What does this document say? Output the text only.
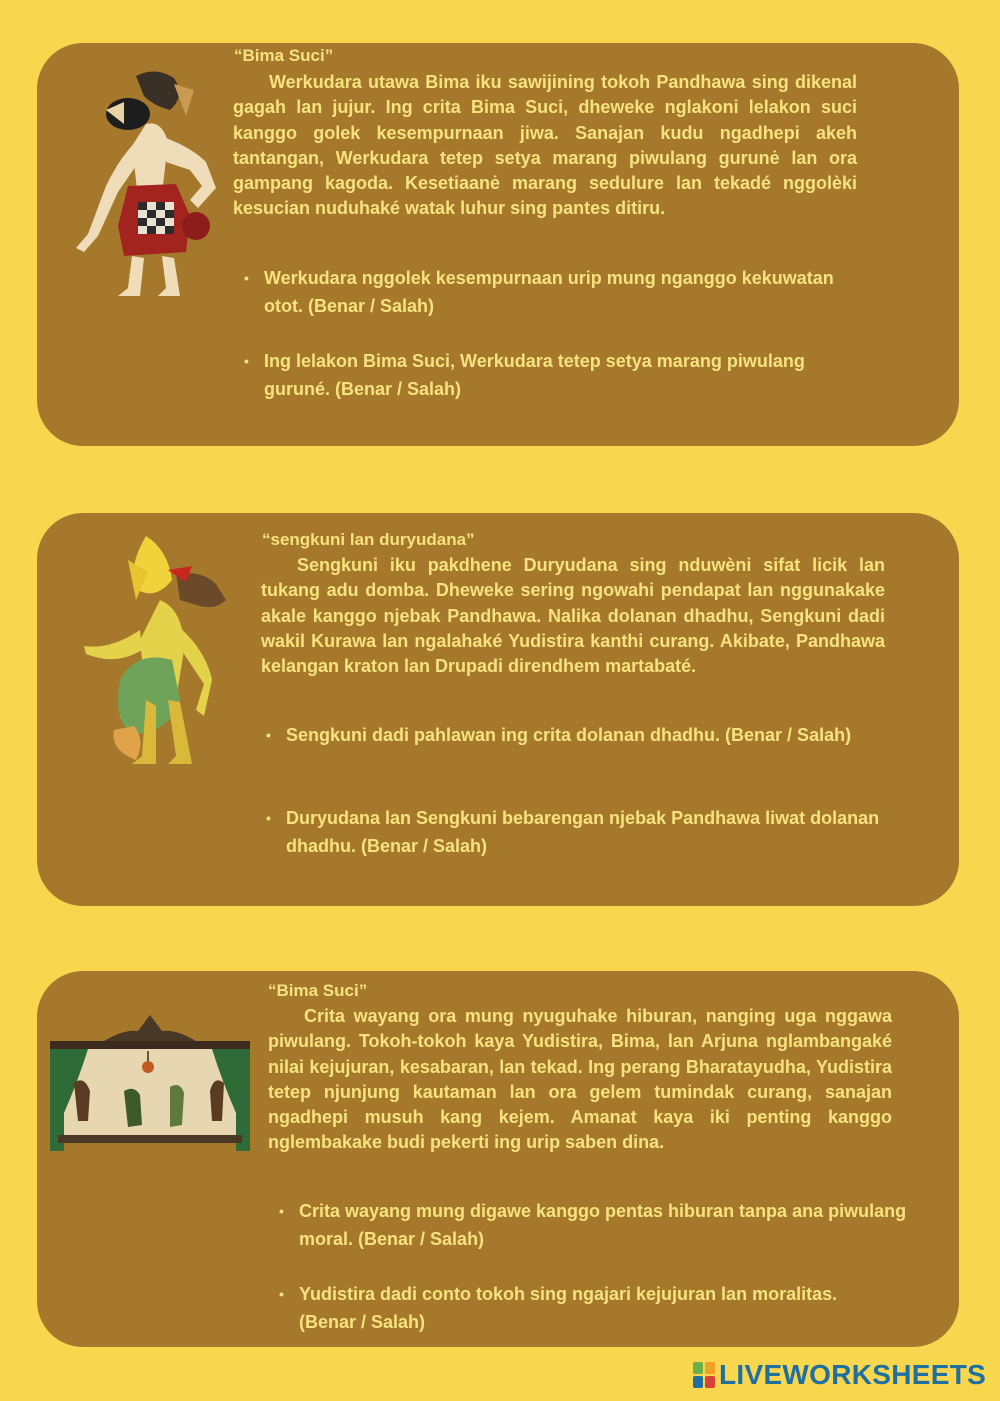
“Bima Suci”
Werkudara utawa Bima iku sawijining tokoh Pandhawa sing dikenal gagah lan jujur. Ing crita Bima Suci, dheweke nglakoni lelakon suci kanggo golek kesempurnaan jiwa. Sanajan kudu ngadhepi akeh tantangan, Werkudara tetep setya marang piwulang gurunė lan ora gampang kagoda. Kesetiaanė marang sedulure lan tekadé nggolèki kesucian nuduhaké watak luhur sing pantes ditiru.
• Werkudara nggolek kesempurnaan urip mung nganggo kekuwatan otot. (Benar / Salah)
• Ing lelakon Bima Suci, Werkudara tetep setya marang piwulang guruné. (Benar / Salah)
“sengkuni lan duryudana”
Sengkuni iku pakdhene Duryudana sing nduwèni sifat licik lan tukang adu domba. Dheweke sering ngowahi pendapat lan nggunakake akale kanggo njebak Pandhawa. Nalika dolanan dhadhu, Sengkuni dadi wakil Kurawa lan ngalahaké Yudistira kanthi curang. Akibate, Pandhawa kelangan kraton lan Drupadi direndhem martabaté.
• Sengkuni dadi pahlawan ing crita dolanan dhadhu. (Benar / Salah)
• Duryudana lan Sengkuni bebarengan njebak Pandhawa liwat dolanan dhadhu. (Benar / Salah)
“Bima Suci”
Crita wayang ora mung nyuguhake hiburan, nanging uga nggawa piwulang. Tokoh-tokoh kaya Yudistira, Bima, lan Arjuna nglambangaké nilai kejujuran, kesabaran, lan tekad. Ing perang Bharatayudha, Yudistira tetep njunjung kautaman lan ora gelem tumindak curang, sanajan ngadhepi musuh kang kejem. Amanat kaya iki penting kanggo nglembakake budi pekerti ing urip saben dina.
• Crita wayang mung digawe kanggo pentas hiburan tanpa ana piwulang moral. (Benar / Salah)
• Yudistira dadi conto tokoh sing ngajari kejujuran lan moralitas. (Benar / Salah)
LIVEWORKSHEETS
